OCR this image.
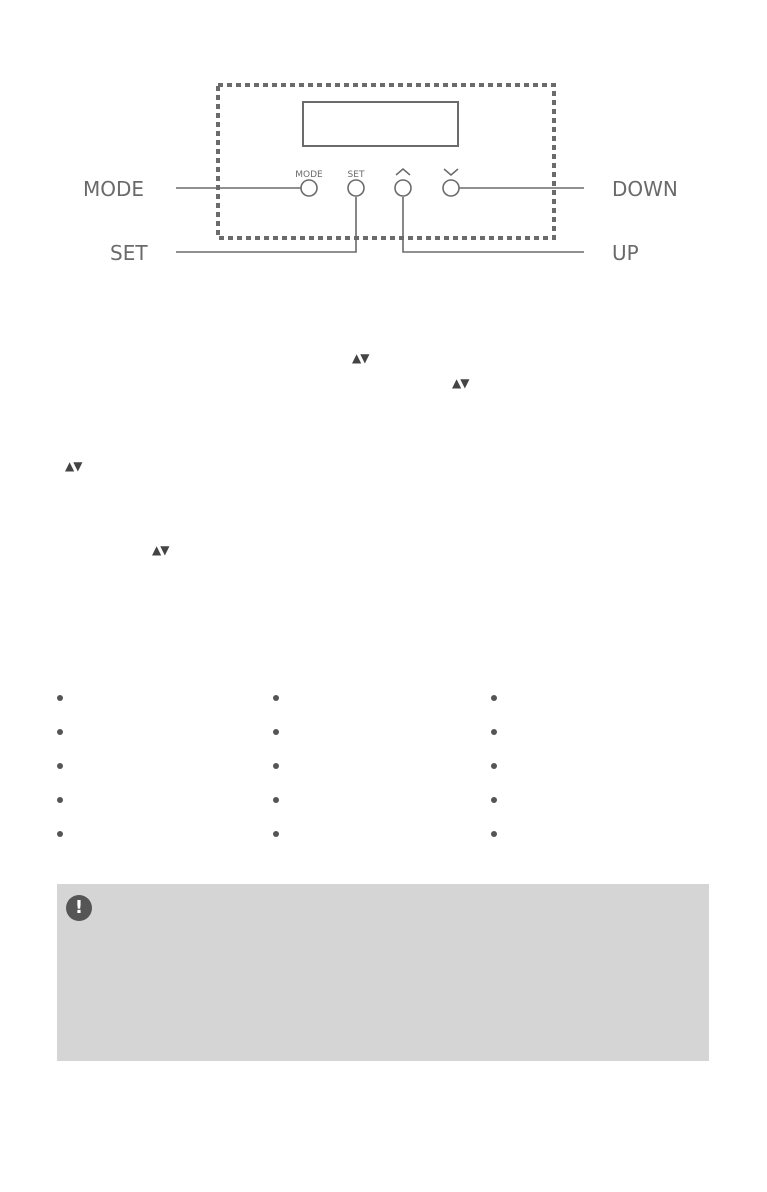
MODE	SET
MODE
SET
DOWN
UP
▲▼
▲▼
▲▼
▲▼
!
